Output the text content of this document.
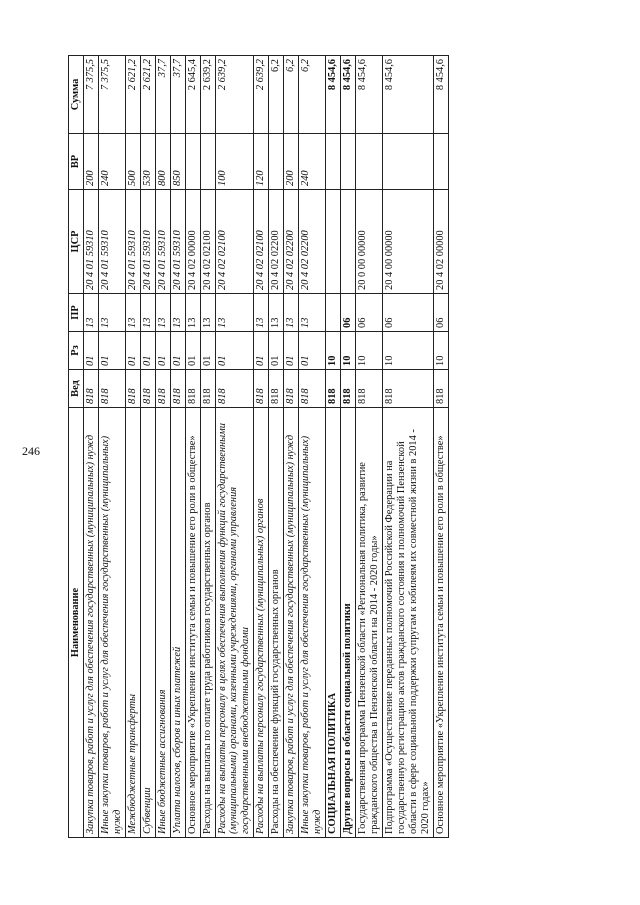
246
Наименование	Вед	Рз	ПР	ЦСР	ВР	Сумма
Закупка товаров, работ и услуг для обеспечения государственных (муниципальных) нужд	818	01	13	20 4 01 59310	200	7 375,5
Иные закупки товаров, работ и услуг для обеспечения государственных (муниципальных) нужд	818	01	13	20 4 01 59310	240	7 375,5
Межбюджетные трансферты	818	01	13	20 4 01 59310	500	2 621,2
Субвенции	818	01	13	20 4 01 59310	530	2 621,2
Иные бюджетные ассигнования	818	01	13	20 4 01 59310	800	37,7
Уплата налогов, сборов и иных платежей	818	01	13	20 4 01 59310	850	37,7
Основное мероприятие «Укрепление института семьи и повышение его роли в обществе»	818	01	13	20 4 02 00000		2 645,4
Расходы на выплаты по оплате труда работников государственных органов	818	01	13	20 4 02 02100		2 639,2
Расходы на выплаты персоналу в целях обеспечения выполнения функций государственными (муниципальными) органами, казенными учреждениями, органами управления государственными внебюджетными фондами	818	01	13	20 4 02 02100	100	2 639,2
Расходы на выплаты персоналу государственных (муниципальных) органов	818	01	13	20 4 02 02100	120	2 639,2
Расходы на обеспечение функций государственных органов	818	01	13	20 4 02 02200		6,2
Закупка товаров, работ и услуг для обеспечения государственных (муниципальных) нужд	818	01	13	20 4 02 02200	200	6,2
Иные закупки товаров, работ и услуг для обеспечения государственных (муниципальных) нужд	818	01	13	20 4 02 02200	240	6,2
СОЦИАЛЬНАЯ ПОЛИТИКА	818	10				8 454,6
Другие вопросы в области социальной политики	818	10	06			8 454,6
Государственная программа Пензенской области «Региональная политика, развитие гражданского общества в Пензенской области на 2014 - 2020 годы»	818	10	06	20 0 00 00000		8 454,6
Подпрограмма «Осуществление переданных полномочий Российской Федерации на государственную регистрацию актов гражданского состояния и полномочий Пензенской области в сфере социальной поддержки супругам к юбилеям их совместной жизни в 2014 - 2020 годах»	818	10	06	20 4 00 00000		8 454,6
Основное мероприятие «Укрепление института семьи и повышение его роли в обществе»	818	10	06	20 4 02 00000		8 454,6
